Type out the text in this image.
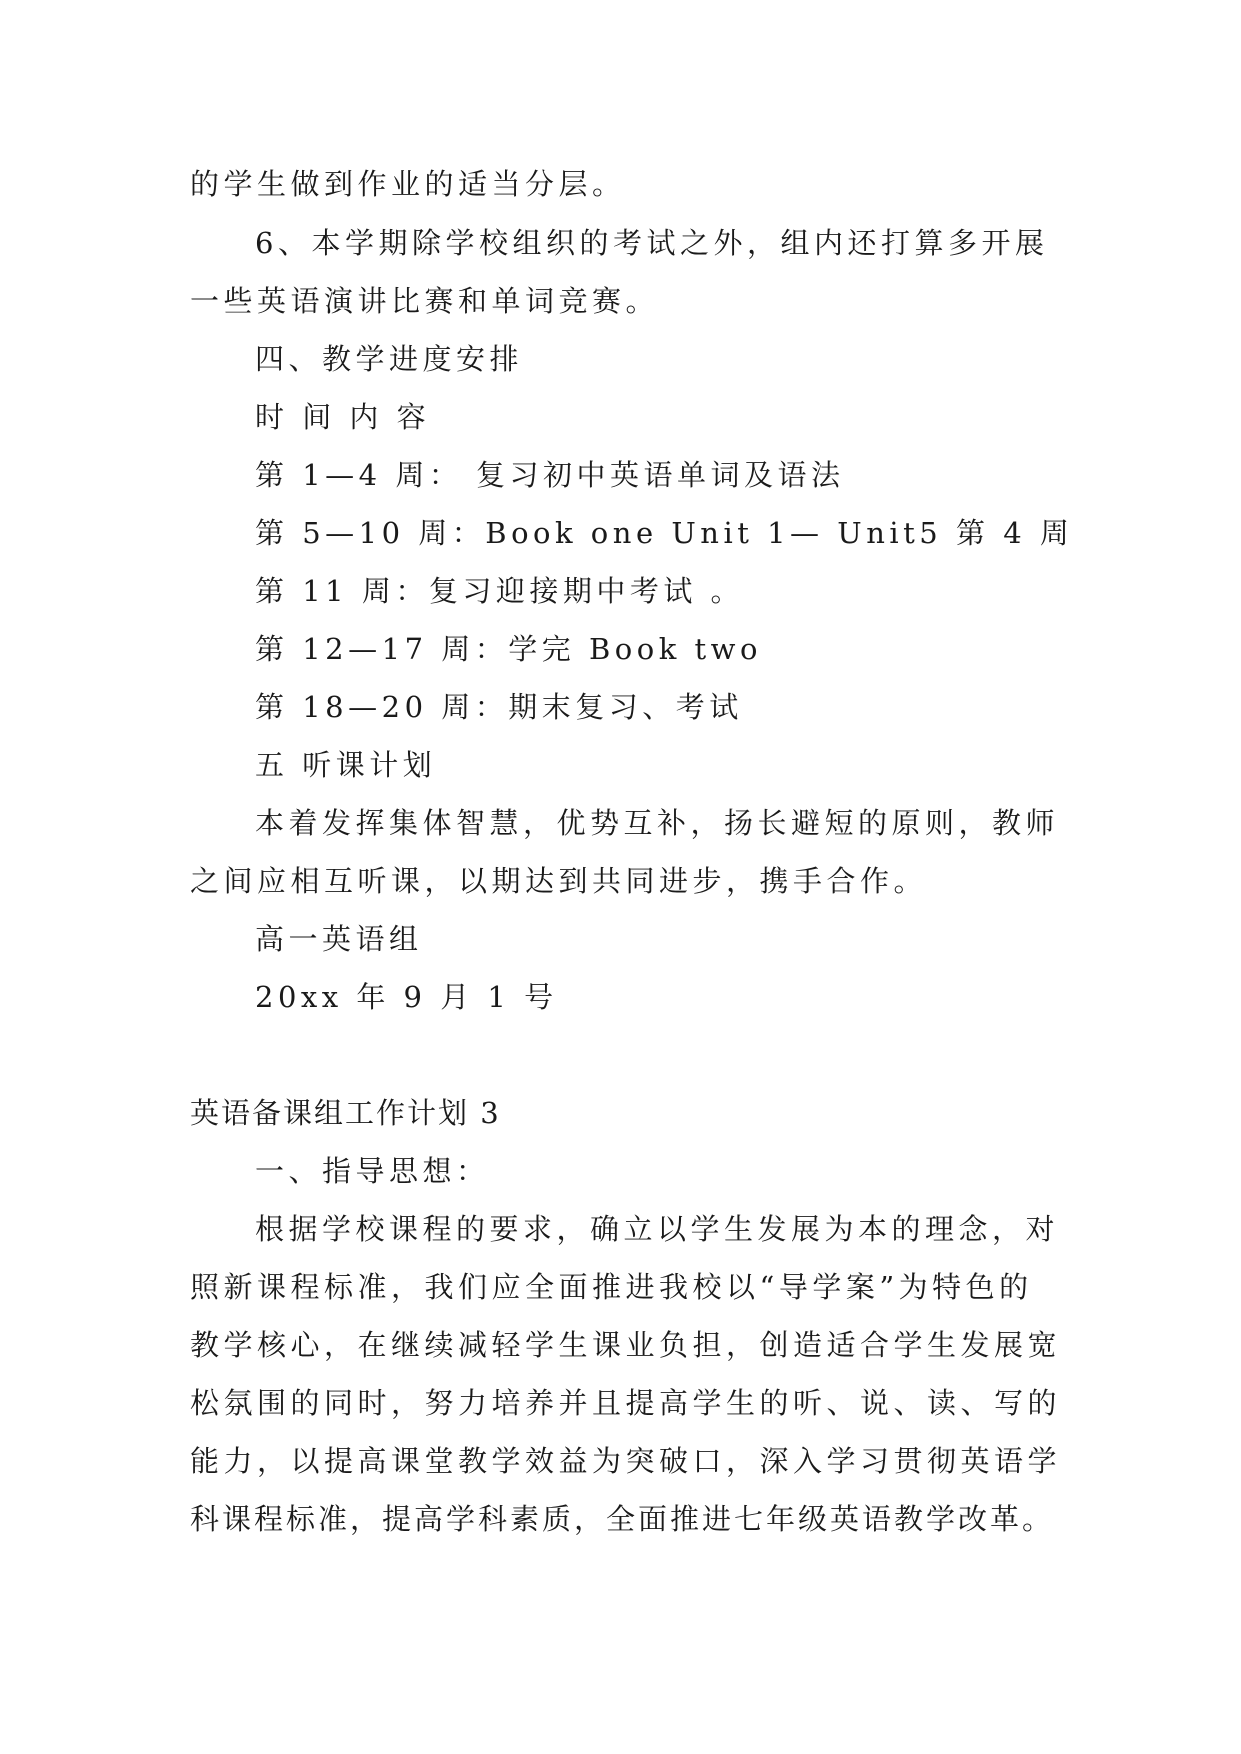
的学生做到作业的适当分层。
6、本学期除学校组织的考试之外，组内还打算多开展
一些英语演讲比赛和单词竞赛。
四、教学进度安排
时 间 内 容
第 1—4 周： 复习初中英语单词及语法
第 5—10 周：Book one Unit 1— Unit5 第 4 周
第 11 周：复习迎接期中考试 。
第 12—17 周：学完 Book two
第 18—20 周：期末复习、考试
五 听课计划
本着发挥集体智慧，优势互补，扬长避短的原则，教师
之间应相互听课，以期达到共同进步，携手合作。
高一英语组
20xx 年 9 月 1 号
英语备课组工作计划 3
一、指导思想：
根据学校课程的要求，确立以学生发展为本的理念，对
照新课程标准，我们应全面推进我校以“导学案”为特色的
教学核心，在继续减轻学生课业负担，创造适合学生发展宽
松氛围的同时，努力培养并且提高学生的听、说、读、写的
能力，以提高课堂教学效益为突破口，深入学习贯彻英语学
科课程标准，提高学科素质，全面推进七年级英语教学改革。
